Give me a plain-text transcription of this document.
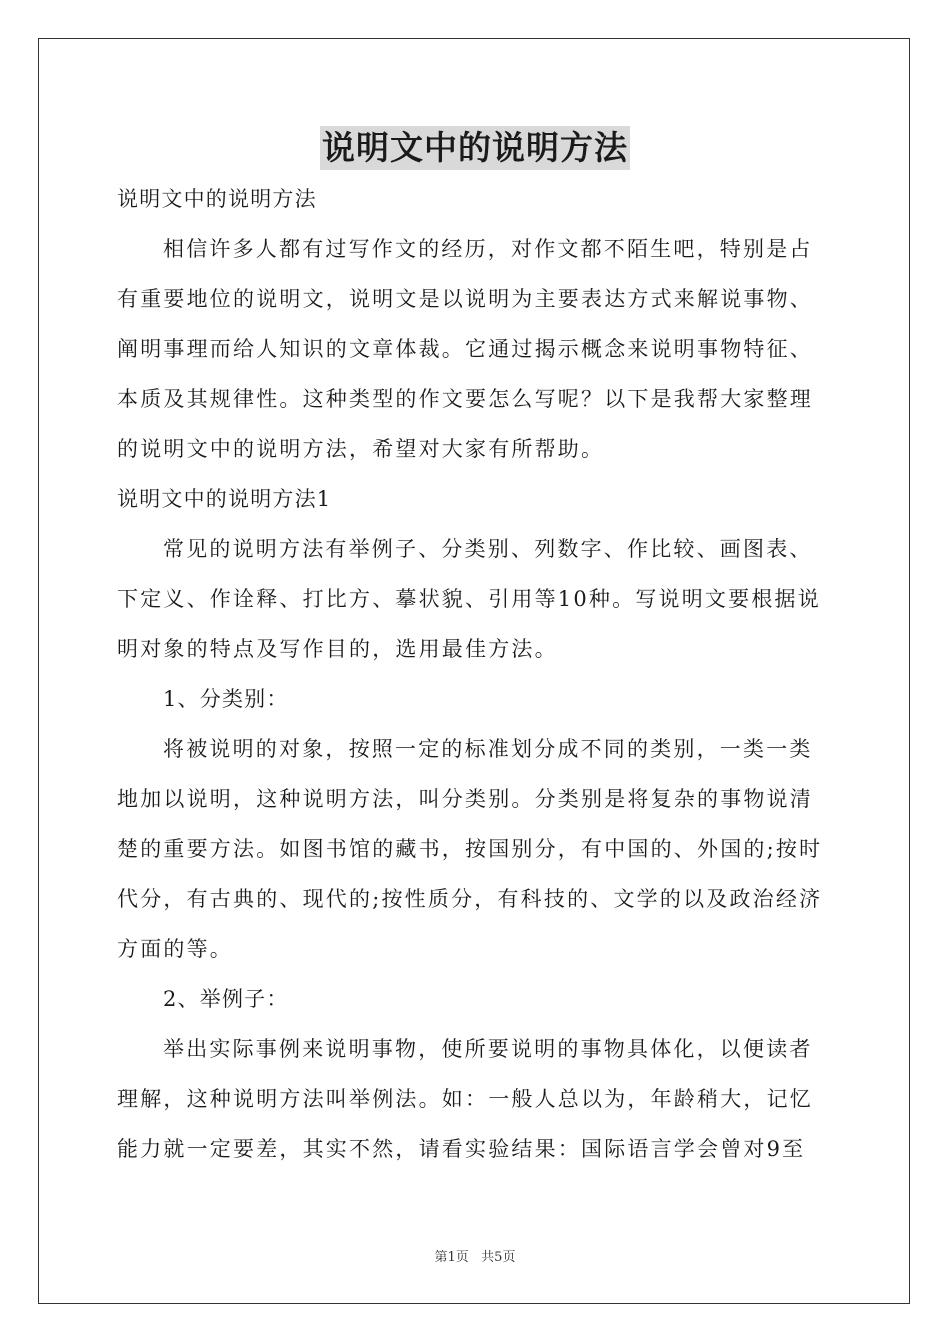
说明文中的说明方法

说明文中的说明方法

相信许多人都有过写作文的经历，对作文都不陌生吧，特别是占有重要地位的说明文，说明文是以说明为主要表达方式来解说事物、阐明事理而给人知识的文章体裁。它通过揭示概念来说明事物特征、本质及其规律性。这种类型的作文要怎么写呢？以下是我帮大家整理的说明文中的说明方法，希望对大家有所帮助。

说明文中的说明方法1

常见的说明方法有举例子、分类别、列数字、作比较、画图表、下定义、作诠释、打比方、摹状貌、引用等10种。写说明文要根据说明对象的特点及写作目的，选用最佳方法。

1、分类别：

将被说明的对象，按照一定的标准划分成不同的类别，一类一类地加以说明，这种说明方法，叫分类别。分类别是将复杂的事物说清楚的重要方法。如图书馆的藏书，按国别分，有中国的、外国的;按时代分，有古典的、现代的;按性质分，有科技的、文学的以及政治经济方面的等。

2、举例子：

举出实际事例来说明事物，使所要说明的事物具体化，以便读者理解，这种说明方法叫举例法。如：一般人总以为，年龄稍大，记忆能力就一定要差，其实不然，请看实验结果：国际语言学会曾对9至

第1页   共5页
